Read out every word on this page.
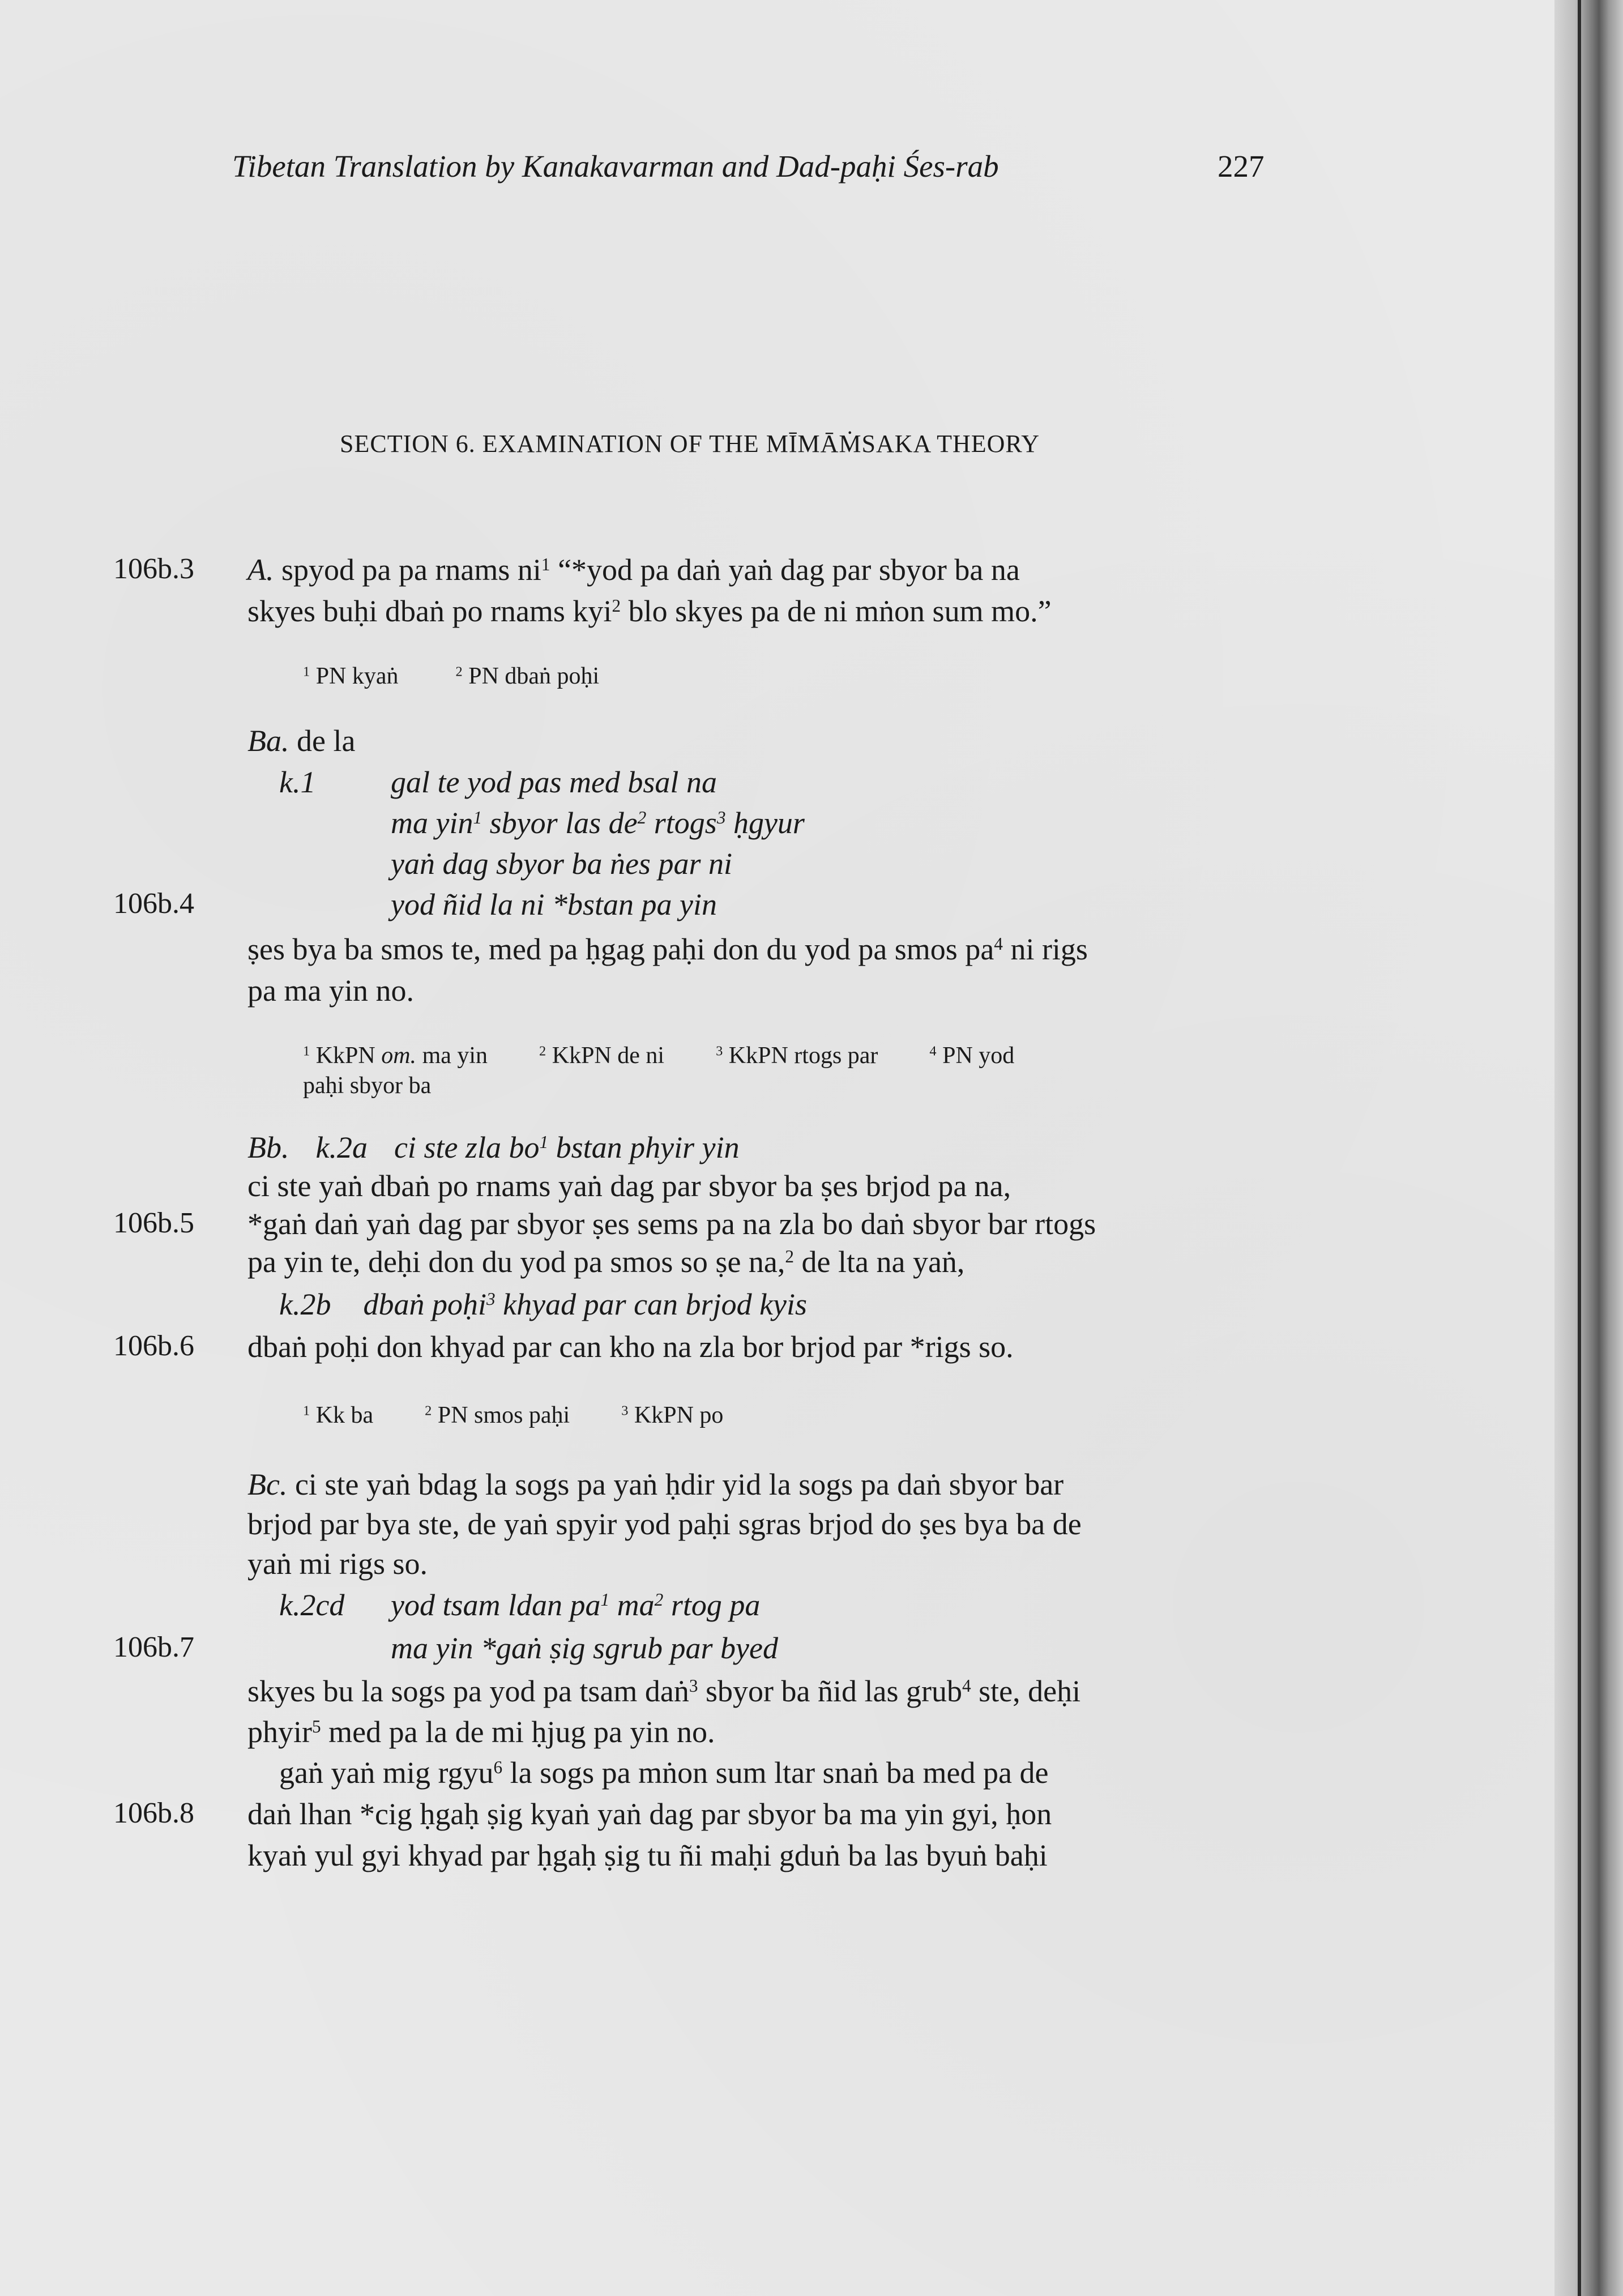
Tibetan Translation by Kanakavarman and Dad-paḥi Śes-rab	227
SECTION 6. EXAMINATION OF THE MĪMĀṀSAKA THEORY
106b.3
106b.4
106b.5
106b.6
106b.7
106b.8
A. spyod pa pa rnams $ni^1$ “*yod pa daṅ yaṅ dag par sbyor ba na
skyes buḥi dbaṅ po rnams kyi$^2$ blo skyes pa de ni mṅon sum mo.”
$^1$ PN kyaṅ	$^2$ PN dbaṅ poḥi
Ba. de la
k.1 gal te yod pas med bsal na
ma yin$^1$ sbyor las $de^2$ rtogs$^3$ ḥgyur
yaṅ dag sbyor ba ṅes par ni
yod ñid la ni *bstan pa yin
ṣes bya ba smos te, med pa ḥgag paḥi don du yod pa smos $pa^4$ ni rigs
pa ma yin no.
$^1$ KkPN om. ma yin	$^2$ KkPN de ni	$^3$ KkPN rtogs par	$^4$ PN yod
paḥi sbyor ba
Bb. k.2a ci ste zla $bo^1$ bstan phyir yin
ci ste yaṅ dbaṅ po rnams yaṅ dag par sbyor ba ṣes brjod pa na,
*gaṅ daṅ yaṅ dag par sbyor ṣes sems pa na zla bo daṅ sbyor bar rtogs
pa yin te, deḥi don du yod pa smos so ṣe na,$^2$ de lta na yaṅ,
k.2b dbaṅ poḥi$^3$ khyad par can brjod kyis
dbaṅ poḥi don khyad par can kho na zla bor brjod par *rigs so.
$^1$ Kk ba	$^2$ PN smos paḥi	$^3$ KkPN po
Bc. ci ste yaṅ bdag la sogs pa yaṅ ḥdir yid la sogs pa daṅ sbyor bar
brjod par bya ste, de yaṅ spyir yod paḥi sgras brjod do ṣes bya ba de
yaṅ mi rigs so.
k.2cd yod tsam ldan $pa^1$ $ma^2$ rtog pa
ma yin *gaṅ ṣig sgrub par byed
skyes bu la sogs pa yod pa tsam daṅ$^3$ sbyor ba ñid las grub$^4$ ste, deḥi
phyir$^5$ med pa la de mi ḥjug pa yin no.
gaṅ yaṅ mig rgyu$^6$ la sogs pa mṅon sum ltar snaṅ ba med pa de
daṅ lhan *cig ḥgaḥ ṣig kyaṅ yaṅ dag par sbyor ba ma yin gyi, ḥon
kyaṅ yul gyi khyad par ḥgaḥ ṣig tu ñi maḥi gduṅ ba las byuṅ baḥi
